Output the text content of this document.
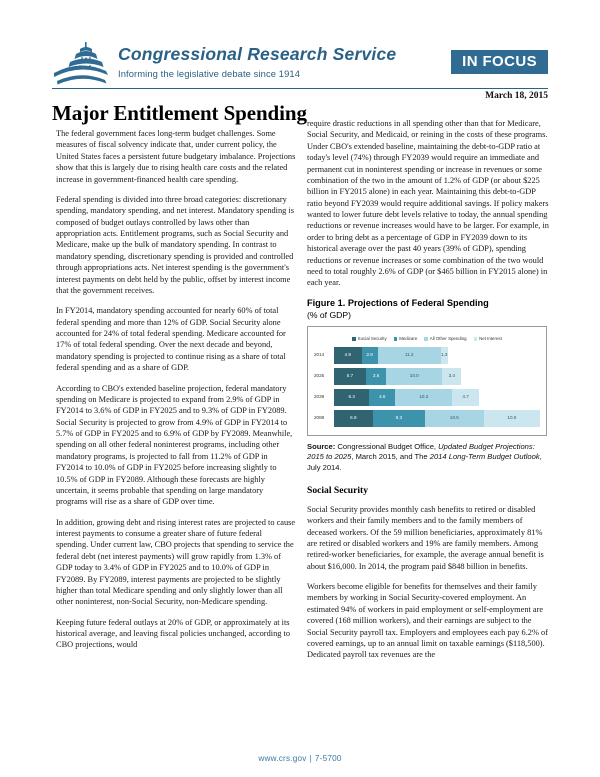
Congressional Research Service
Informing the legislative debate since 1914
IN FOCUS
March 18, 2015
Major Entitlement Spending

The federal government faces long-term budget challenges. Some measures of fiscal solvency indicate that, under current policy, the United States faces a persistent future budgetary imbalance. Projections show that this is largely due to rising health care costs and the related increase in government-financed health care spending.

Federal spending is divided into three broad categories: discretionary spending, mandatory spending, and net interest. Mandatory spending is composed of budget outlays controlled by laws other than appropriation acts. Entitlement programs, such as Social Security and Medicare, make up the bulk of mandatory spending. In contrast to mandatory spending, discretionary spending is provided and controlled through appropriations acts. Net interest spending is the government's interest payments on debt held by the public, offset by interest income that the government receives.

In FY2014, mandatory spending accounted for nearly 60% of total federal spending and more than 12% of GDP. Social Security alone accounted for 24% of total federal spending. Medicare accounted for 17% of total federal spending. Over the next decade and beyond, mandatory spending is projected to continue rising as a share of total federal spending and as a share of GDP.

According to CBO's extended baseline projection, federal mandatory spending on Medicare is projected to expand from 2.9% of GDP in FY2014 to 3.6% of GDP in FY2025 and to 9.3% of GDP in FY2089. Social Security is projected to grow from 4.9% of GDP in FY2014 to 5.7% of GDP in FY2025 and to 6.9% of GDP by FY2089. Meanwhile, spending on all other federal noninterest programs, including other mandatory programs, is projected to fall from 11.2% of GDP in FY2014 to 10.0% of GDP in FY2025 before increasing slightly to 10.5% of GDP in FY2089. Although these forecasts are highly uncertain, it seems probable that spending on large mandatory programs will rise as a share of GDP over time.

In addition, growing debt and rising interest rates are projected to cause interest payments to consume a greater share of future federal spending. Under current law, CBO projects that spending to service the federal debt (net interest payments) will grow rapidly from 1.3% of GDP today to 3.4% of GDP in FY2025 and to 10.0% of GDP in FY2089. By FY2089, interest payments are projected to be slightly higher than total Medicare spending and only slightly lower than all other noninterest, non-Social Security, non-Medicare spending.

Keeping future federal outlays at 20% of GDP, or approximately at its historical average, and leaving fiscal policies unchanged, according to CBO projections, would

require drastic reductions in all spending other than that for Medicare, Social Security, and Medicaid, or reining in the costs of these programs. Under CBO's extended baseline, maintaining the debt-to-GDP ratio at today's level (74%) through FY2039 would require an immediate and permanent cut in noninterest spending or increase in revenues or some combination of the two in the amount of 1.2% of GDP (or about $225 billion in FY2015 alone) in each year. Maintaining this debt-to-GDP ratio beyond FY2039 would require additional savings. If policy makers wanted to lower future debt levels relative to today, the annual spending reductions or revenue increases would have to be larger. For example, in order to bring debt as a percentage of GDP in FY2039 down to its historical average over the past 40 years (39% of GDP), spending reductions or revenue increases or some combination of the two would need to total roughly 2.6% of GDP (or $465 billion in FY2015 alone) in each year.

Figure 1. Projections of Federal Spending
(% of GDP)
Social Security	Medicare	All Other Spending	Net Interest
2014	4.9	2.9	11.2	1.3
2025	5.7	3.6	10.0	3.4
2039	6.3	4.6	10.2	4.7
2089	6.9	9.3	10.5	10.0
Source: Congressional Budget Office, Updated Budget Projections: 2015 to 2025, March 2015, and The 2014 Long-Term Budget Outlook, July 2014.
Social Security

Social Security provides monthly cash benefits to retired or disabled workers and their family members and to the family members of deceased workers. Of the 59 million beneficiaries, approximately 81% are retired or disabled workers and 19% are family members. Among retired-worker beneficiaries, for example, the average annual benefit is about $16,000. In 2014, the program paid $848 billion in benefits.

Workers become eligible for benefits for themselves and their family members by working in Social Security-covered employment. An estimated 94% of workers in paid employment or self-employment are covered (168 million workers), and their earnings are subject to the Social Security payroll tax. Employers and employees each pay 6.2% of covered earnings, up to an annual limit on taxable earnings ($118,500). Dedicated payroll tax revenues are the

www.crs.gov | 7-5700
